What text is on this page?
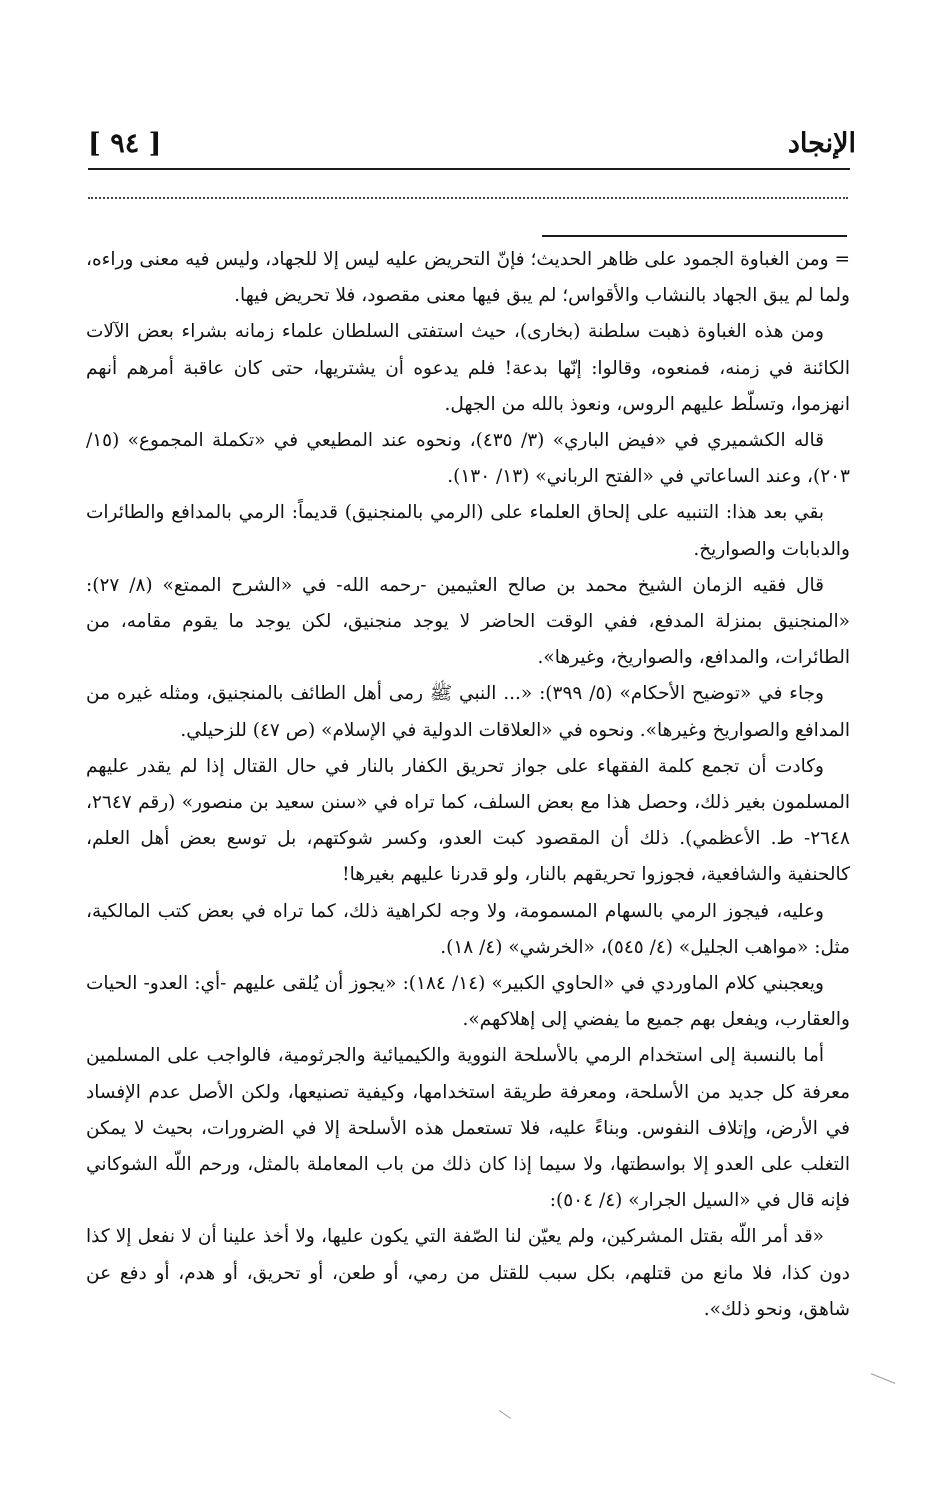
الإنجاد
[ ٩٤ ]

= ومن الغباوة الجمود على ظاهر الحديث؛ فإنّ التحريض عليه ليس إلا للجهاد، وليس فيه معنى وراءه، ولما لم يبق الجهاد بالنشاب والأقواس؛ لم يبق فيها معنى مقصود، فلا تحريض فيها.

ومن هذه الغباوة ذهبت سلطنة (بخارى)، حيث استفتى السلطان علماء زمانه بشراء بعض الآلات الكائنة في زمنه، فمنعوه، وقالوا: إنّها بدعة! فلم يدعوه أن يشتريها، حتى كان عاقبة أمرهم أنهم انهزموا، وتسلّط عليهم الروس، ونعوذ بالله من الجهل.

قاله الكشميري في «فيض الباري» (٣/ ٤٣٥)، ونحوه عند المطيعي في «تكملة المجموع» (١٥/ ٢٠٣)، وعند الساعاتي في «الفتح الرباني» (١٣/ ١٣٠).

بقي بعد هذا: التنبيه على إلحاق العلماء على (الرمي بالمنجنيق) قديماً: الرمي بالمدافع والطائرات والدبابات والصواريخ.

قال فقيه الزمان الشيخ محمد بن صالح العثيمين -رحمه الله- في «الشرح الممتع» (٨/ ٢٧): «المنجنيق بمنزلة المدفع، ففي الوقت الحاضر لا يوجد منجنيق، لكن يوجد ما يقوم مقامه، من الطائرات، والمدافع، والصواريخ، وغيرها».

وجاء في «توضيح الأحكام» (٥/ ٣٩٩): «... النبي ﷺ رمى أهل الطائف بالمنجنيق، ومثله غيره من المدافع والصواريخ وغيرها». ونحوه في «العلاقات الدولية في الإسلام» (ص ٤٧) للزحيلي.

وكادت أن تجمع كلمة الفقهاء على جواز تحريق الكفار بالنار في حال القتال إذا لم يقدر عليهم المسلمون بغير ذلك، وحصل هذا مع بعض السلف، كما تراه في «سنن سعيد بن منصور» (رقم ٢٦٤٧، ٢٦٤٨- ط. الأعظمي). ذلك أن المقصود كبت العدو، وكسر شوكتهم، بل توسع بعض أهل العلم، كالحنفية والشافعية، فجوزوا تحريقهم بالنار، ولو قدرنا عليهم بغيرها!

وعليه، فيجوز الرمي بالسهام المسمومة، ولا وجه لكراهية ذلك، كما تراه في بعض كتب المالكية، مثل: «مواهب الجليل» (٤/ ٥٤٥)، «الخرشي» (٤/ ١٨).

ويعجبني كلام الماوردي في «الحاوي الكبير» (١٤/ ١٨٤): «يجوز أن يُلقى عليهم -أي: العدو- الحيات والعقارب، ويفعل بهم جميع ما يفضي إلى إهلاكهم».

أما بالنسبة إلى استخدام الرمي بالأسلحة النووية والكيميائية والجرثومية، فالواجب على المسلمين معرفة كل جديد من الأسلحة، ومعرفة طريقة استخدامها، وكيفية تصنيعها، ولكن الأصل عدم الإفساد في الأرض، وإتلاف النفوس. وبناءً عليه، فلا تستعمل هذه الأسلحة إلا في الضرورات، بحيث لا يمكن التغلب على العدو إلا بواسطتها، ولا سيما إذا كان ذلك من باب المعاملة بالمثل، ورحم اللّه الشوكاني فإنه قال في «السيل الجرار» (٤/ ٥٠٤):

«قد أمر اللّه بقتل المشركين، ولم يعيّن لنا الصّفة التي يكون عليها، ولا أخذ علينا أن لا نفعل إلا كذا دون كذا، فلا مانع من قتلهم، بكل سبب للقتل من رمي، أو طعن، أو تحريق، أو هدم، أو دفع عن شاهق، ونحو ذلك».
